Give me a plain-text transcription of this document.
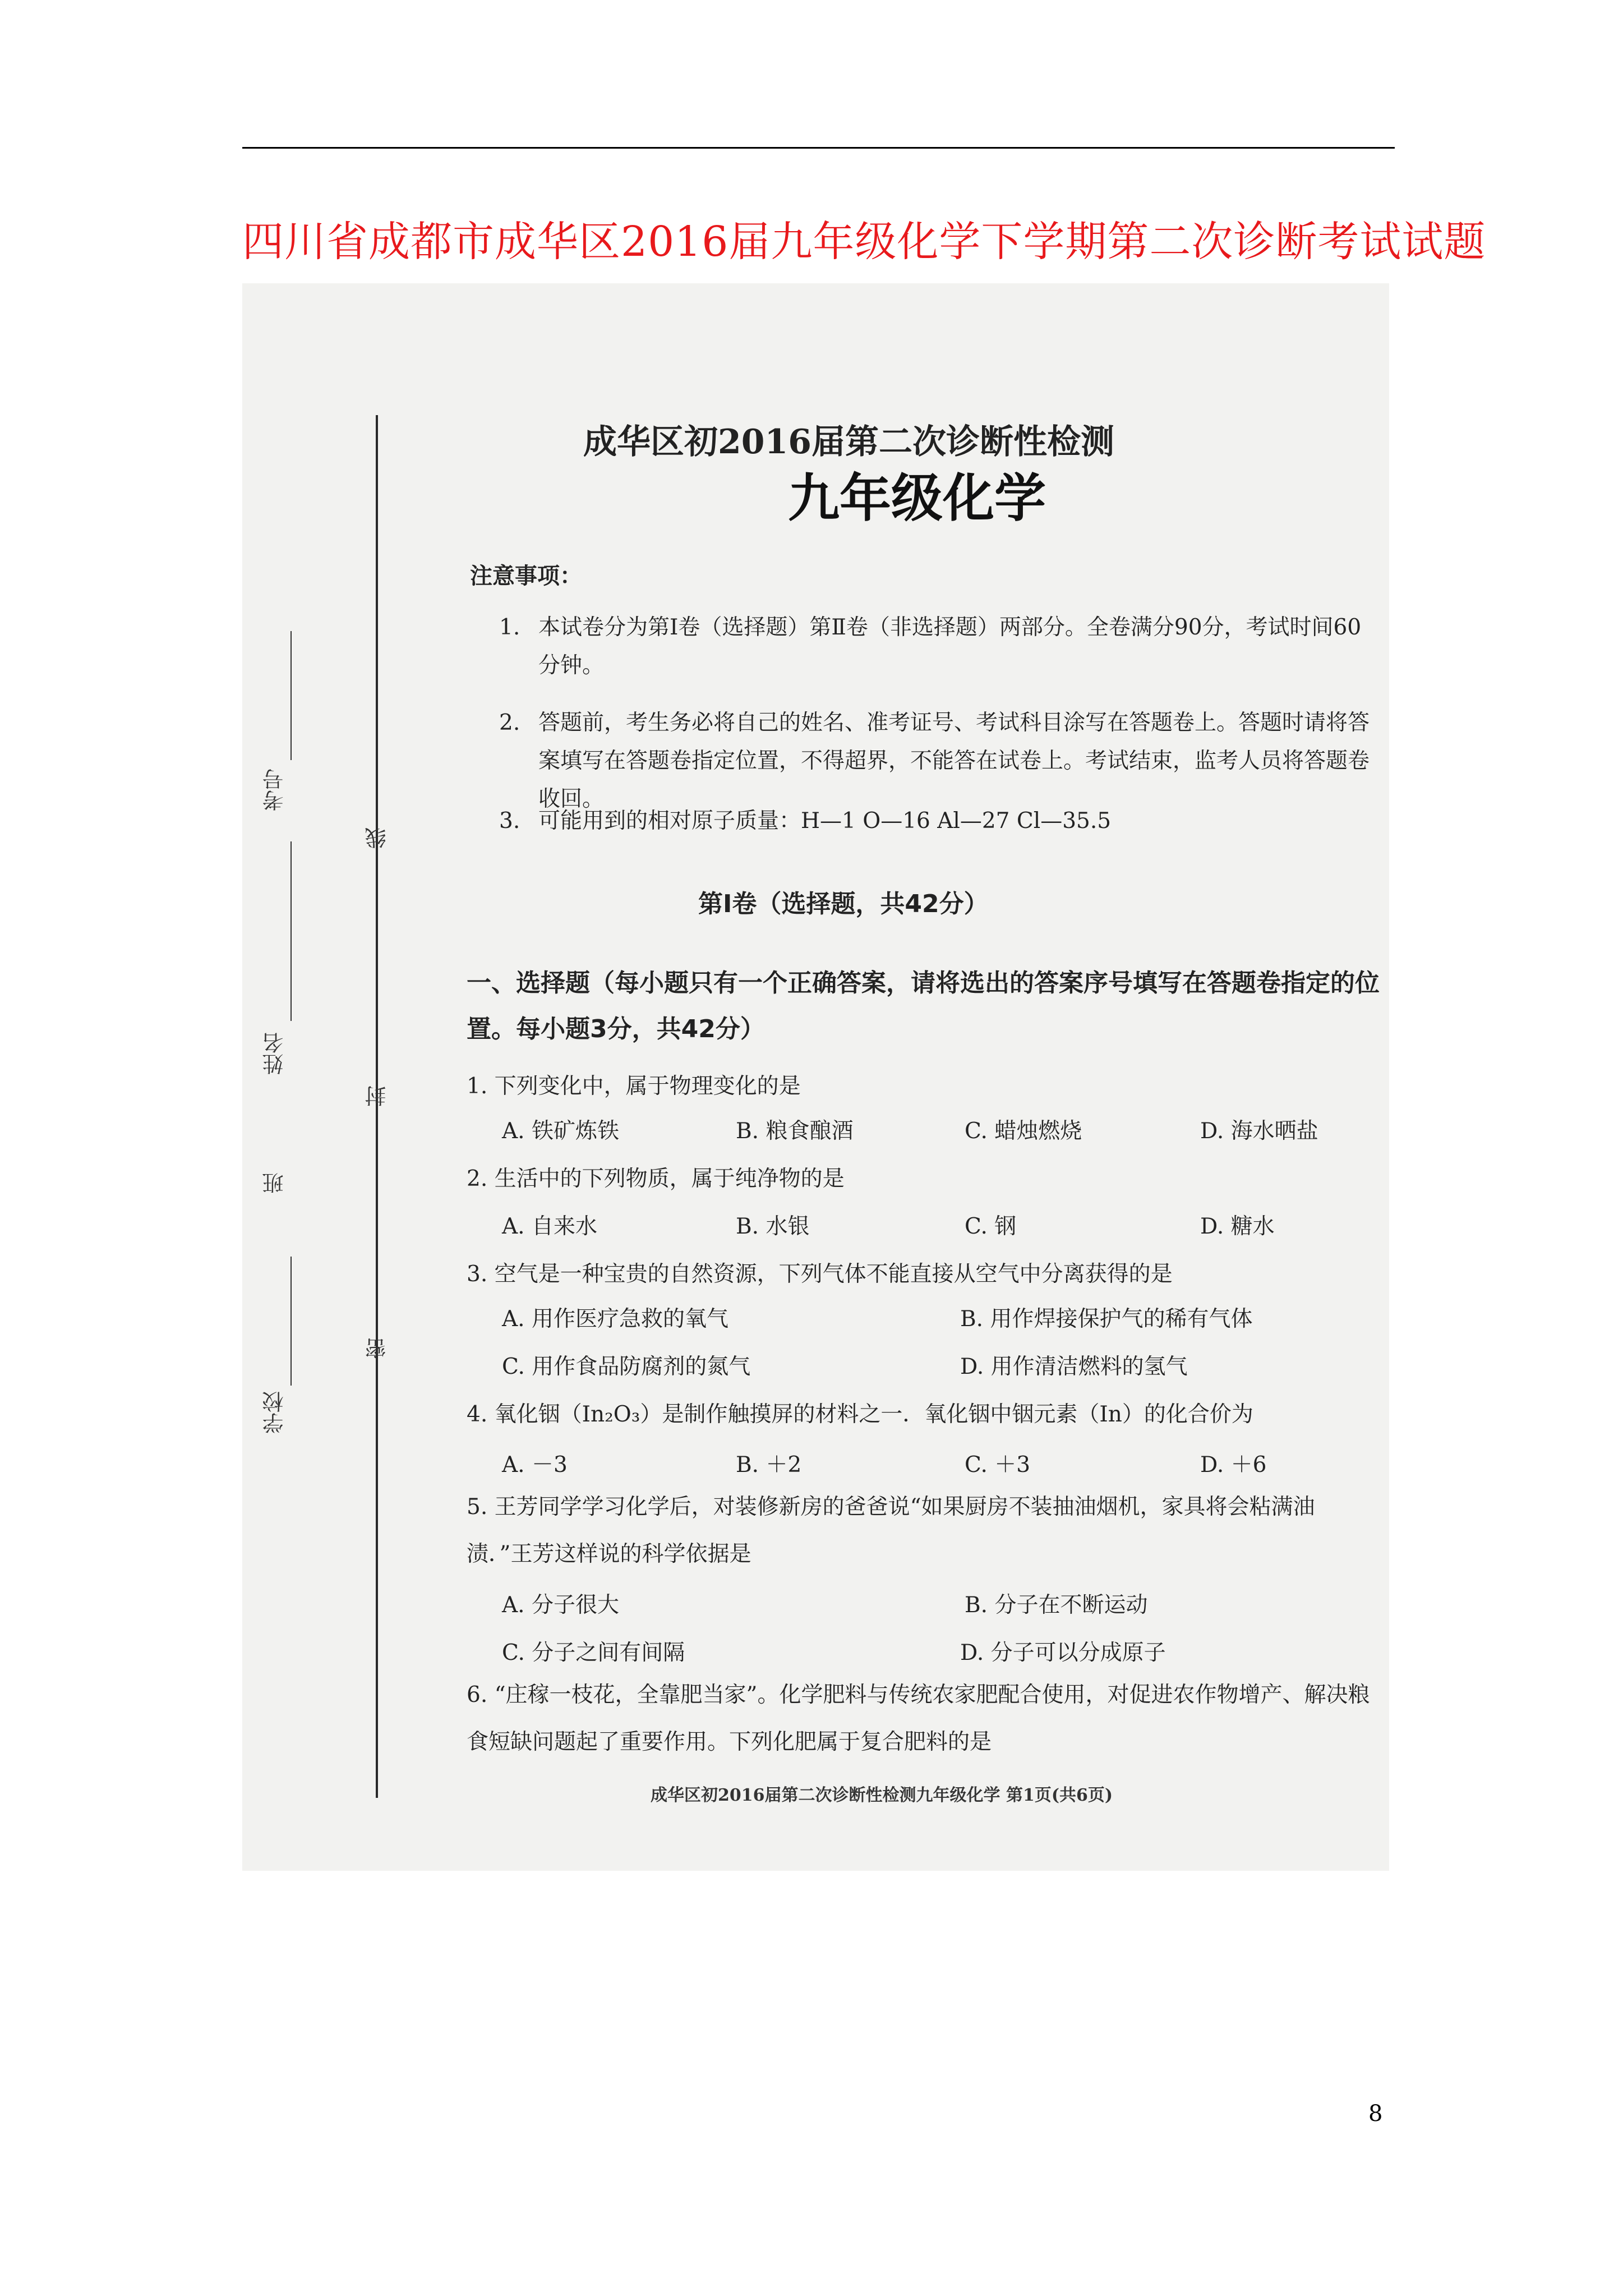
四川省成都市成华区2016届九年级化学下学期第二次诊断考试试题
考号
姓名
班
学校
线
封
密
成华区初2016届第二次诊断性检测
九年级化学
注意事项：
1. 本试卷分为第Ⅰ卷（选择题）第Ⅱ卷（非选择题）两部分。全卷满分90分，考试时间60分钟。
2. 答题前，考生务必将自己的姓名、准考证号、考试科目涂写在答题卷上。答题时请将答案填写在答题卷指定位置，不得超界，不能答在试卷上。考试结束，监考人员将答题卷收回。
3. 可能用到的相对原子质量：H—1 O—16 Al—27 Cl—35.5
第Ⅰ卷（选择题，共42分）
一、选择题（每小题只有一个正确答案，请将选出的答案序号填写在答题卷指定的位置。每小题3分，共42分）
1. 下列变化中，属于物理变化的是
A. 铁矿炼铁	B. 粮食酿酒	C. 蜡烛燃烧	D. 海水晒盐
2. 生活中的下列物质，属于纯净物的是
A. 自来水	B. 水银	C. 钢	D. 糖水
3. 空气是一种宝贵的自然资源，下列气体不能直接从空气中分离获得的是
A. 用作医疗急救的氧气	B. 用作焊接保护气的稀有气体
C. 用作食品防腐剂的氮气	D. 用作清洁燃料的氢气
4. 氧化铟（In₂O₃）是制作触摸屏的材料之一．氧化铟中铟元素（In）的化合价为
A. －3	B. ＋2	C. ＋3	D. ＋6
5. 王芳同学学习化学后，对装修新房的爸爸说“如果厨房不装抽油烟机，家具将会粘满油渍．”王芳这样说的科学依据是
A. 分子很大	B. 分子在不断运动
C. 分子之间有间隔	D. 分子可以分成原子
6. “庄稼一枝花，全靠肥当家”。化学肥料与传统农家肥配合使用，对促进农作物增产、解决粮食短缺问题起了重要作用。下列化肥属于复合肥料的是
成华区初2016届第二次诊断性检测九年级化学 第1页(共6页)
8
